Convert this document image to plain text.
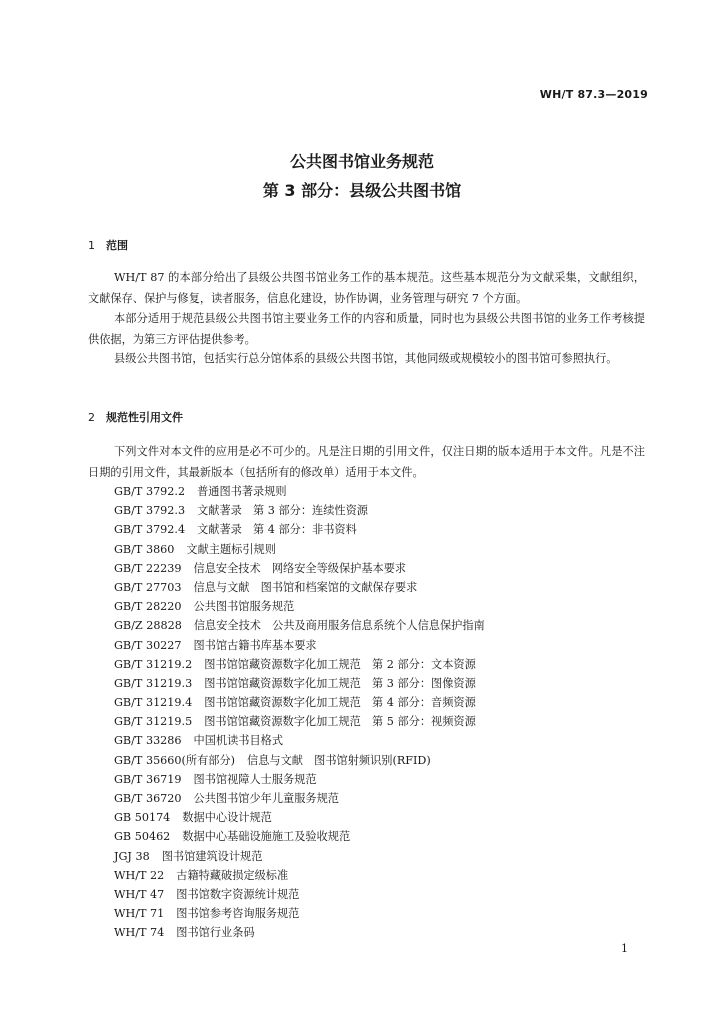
WH/T 87.3—2019
公共图书馆业务规范
第 3 部分：县级公共图书馆
1 范围

WH/T 87 的本部分给出了县级公共图书馆业务工作的基本规范。这些基本规范分为文献采集，文献组织，文献保存、保护与修复，读者服务，信息化建设，协作协调，业务管理与研究 7 个方面。

本部分适用于规范县级公共图书馆主要业务工作的内容和质量，同时也为县级公共图书馆的业务工作考核提供依据，为第三方评估提供参考。

县级公共图书馆，包括实行总分馆体系的县级公共图书馆，其他同级或规模较小的图书馆可参照执行。

2 规范性引用文件

下列文件对本文件的应用是必不可少的。凡是注日期的引用文件，仅注日期的版本适用于本文件。凡是不注日期的引用文件，其最新版本（包括所有的修改单）适用于本文件。

GB/T 3792.2 普通图书著录规则
GB/T 3792.3 文献著录　第 3 部分：连续性资源
GB/T 3792.4 文献著录　第 4 部分：非书资料
GB/T 3860 文献主题标引规则
GB/T 22239 信息安全技术　网络安全等级保护基本要求
GB/T 27703 信息与文献　图书馆和档案馆的文献保存要求
GB/T 28220 公共图书馆服务规范
GB/Z 28828 信息安全技术　公共及商用服务信息系统个人信息保护指南
GB/T 30227 图书馆古籍书库基本要求
GB/T 31219.2 图书馆馆藏资源数字化加工规范　第 2 部分：文本资源
GB/T 31219.3 图书馆馆藏资源数字化加工规范　第 3 部分：图像资源
GB/T 31219.4 图书馆馆藏资源数字化加工规范　第 4 部分：音频资源
GB/T 31219.5 图书馆馆藏资源数字化加工规范　第 5 部分：视频资源
GB/T 33286 中国机读书目格式
GB/T 35660(所有部分) 信息与文献　图书馆射频识别(RFID)
GB/T 36719 图书馆视障人士服务规范
GB/T 36720 公共图书馆少年儿童服务规范
GB 50174 数据中心设计规范
GB 50462 数据中心基础设施施工及验收规范
JGJ 38 图书馆建筑设计规范
WH/T 22 古籍特藏破损定级标准
WH/T 47 图书馆数字资源统计规范
WH/T 71 图书馆参考咨询服务规范
WH/T 74 图书馆行业条码
1
